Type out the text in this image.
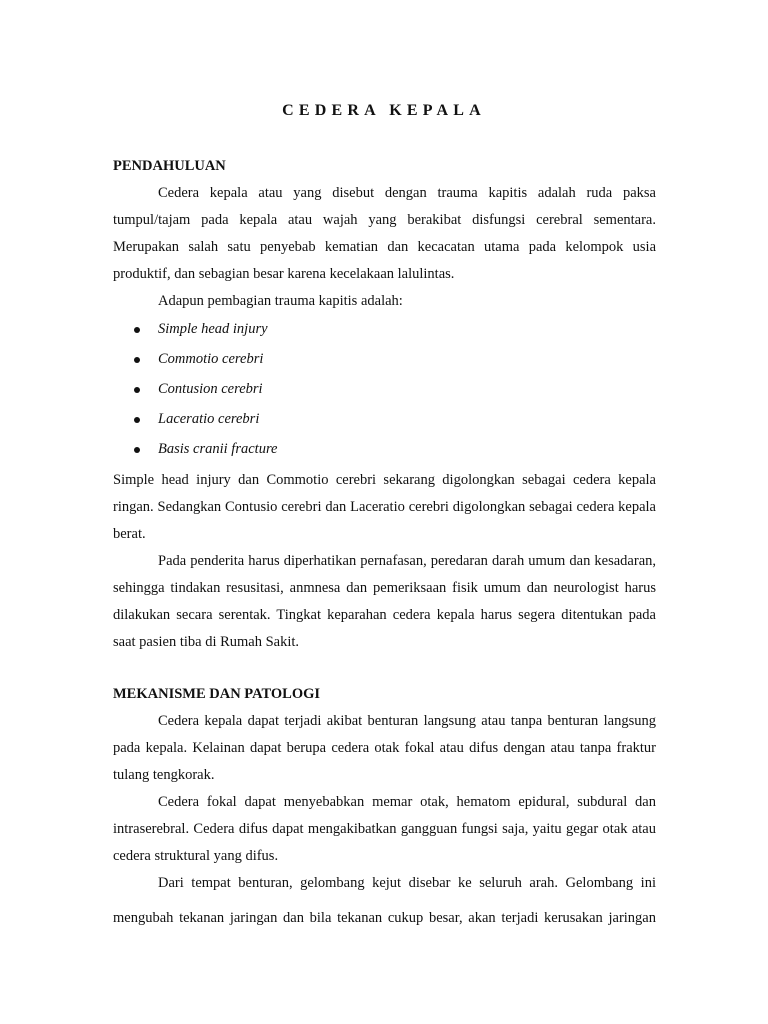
CEDERA KEPALA
PENDAHULUAN
Cedera kepala atau yang disebut dengan trauma kapitis adalah ruda paksa tumpul/tajam pada kepala atau wajah yang berakibat disfungsi cerebral sementara. Merupakan salah satu penyebab kematian dan kecacatan utama pada kelompok usia produktif, dan sebagian besar karena kecelakaan lalulintas.
Adapun pembagian trauma kapitis adalah:
Simple head injury
Commotio cerebri
Contusion cerebri
Laceratio cerebri
Basis cranii fracture
Simple head injury dan Commotio cerebri sekarang digolongkan sebagai cedera kepala ringan. Sedangkan Contusio cerebri dan Laceratio cerebri digolongkan sebagai cedera kepala berat.
Pada penderita harus diperhatikan pernafasan, peredaran darah umum dan kesadaran, sehingga tindakan resusitasi, anmnesa dan pemeriksaan fisik umum dan neurologist harus dilakukan secara serentak. Tingkat keparahan cedera kepala harus segera ditentukan pada saat pasien tiba di Rumah Sakit.
MEKANISME DAN PATOLOGI
Cedera kepala dapat terjadi akibat benturan langsung atau tanpa benturan langsung pada kepala. Kelainan dapat berupa cedera otak fokal atau difus dengan atau tanpa fraktur tulang tengkorak.
Cedera fokal dapat menyebabkan memar otak, hematom epidural, subdural dan intraserebral. Cedera difus dapat mengakibatkan gangguan fungsi saja, yaitu gegar otak atau cedera struktural yang difus.
Dari tempat benturan, gelombang kejut disebar ke seluruh arah. Gelombang ini
mengubah tekanan jaringan dan bila tekanan cukup besar, akan terjadi kerusakan jaringan
